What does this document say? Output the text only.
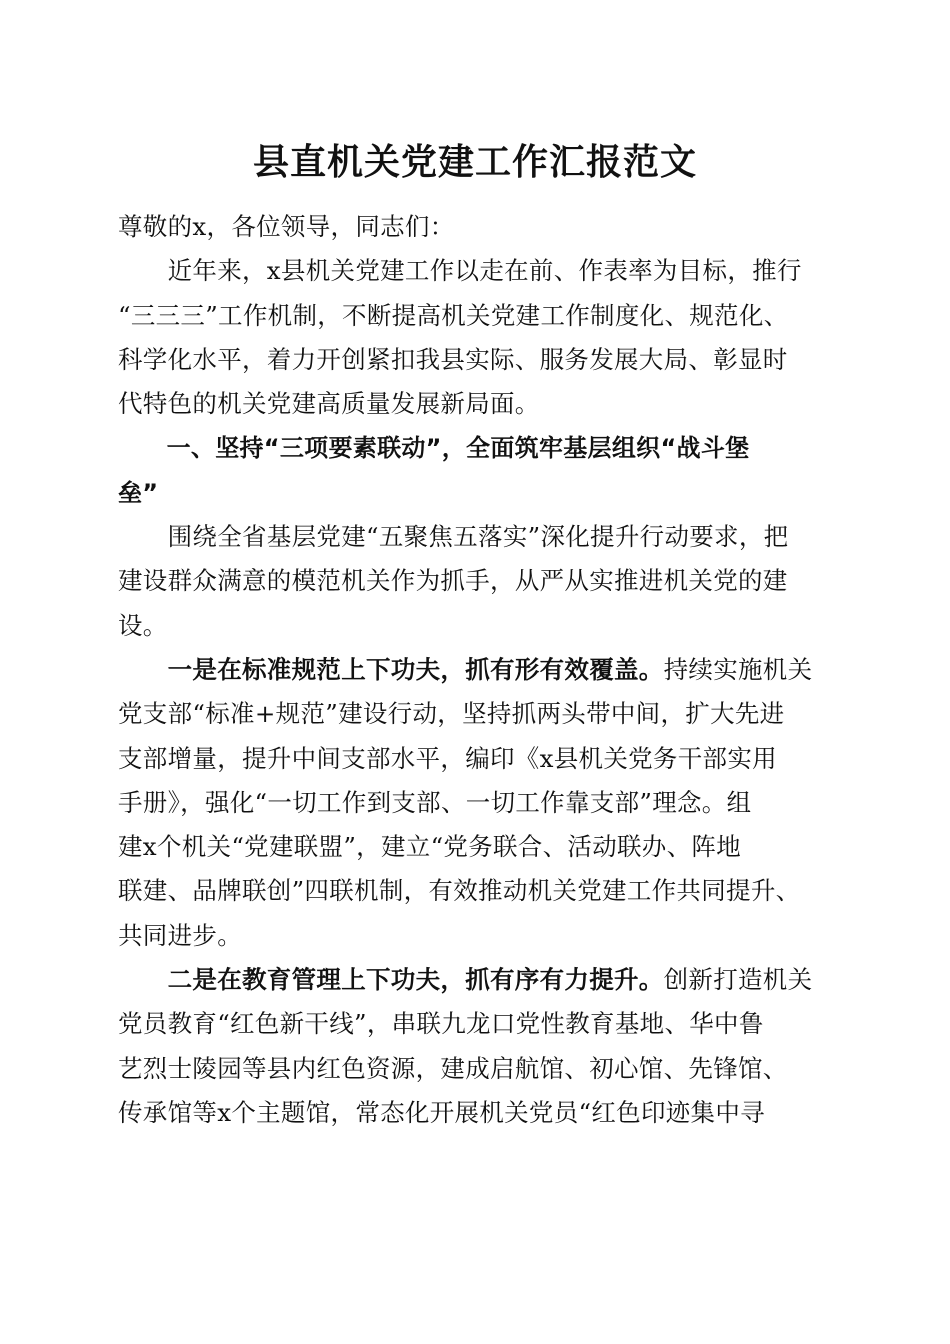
县直机关党建工作汇报范文
尊敬的x，各位领导，同志们：
　　近年来，x县机关党建工作以走在前、作表率为目标，推行
“三三三”工作机制，不断提高机关党建工作制度化、规范化、
科学化水平，着力开创紧扣我县实际、服务发展大局、彰显时
代特色的机关党建高质量发展新局面。
　　一、坚持“三项要素联动”，全面筑牢基层组织“战斗堡
垒”
　　围绕全省基层党建“五聚焦五落实”深化提升行动要求，把
建设群众满意的模范机关作为抓手，从严从实推进机关党的建
设。
　　一是在标准规范上下功夫，抓有形有效覆盖。持续实施机关
党支部“标准+规范”建设行动，坚持抓两头带中间，扩大先进
支部增量，提升中间支部水平，编印《x县机关党务干部实用
手册》，强化“一切工作到支部、一切工作靠支部”理念。组
建x个机关“党建联盟”，建立“党务联合、活动联办、阵地
联建、品牌联创”四联机制，有效推动机关党建工作共同提升、
共同进步。
　　二是在教育管理上下功夫，抓有序有力提升。创新打造机关
党员教育“红色新干线”，串联九龙口党性教育基地、华中鲁
艺烈士陵园等县内红色资源，建成启航馆、初心馆、先锋馆、
传承馆等x个主题馆，常态化开展机关党员“红色印迹集中寻
